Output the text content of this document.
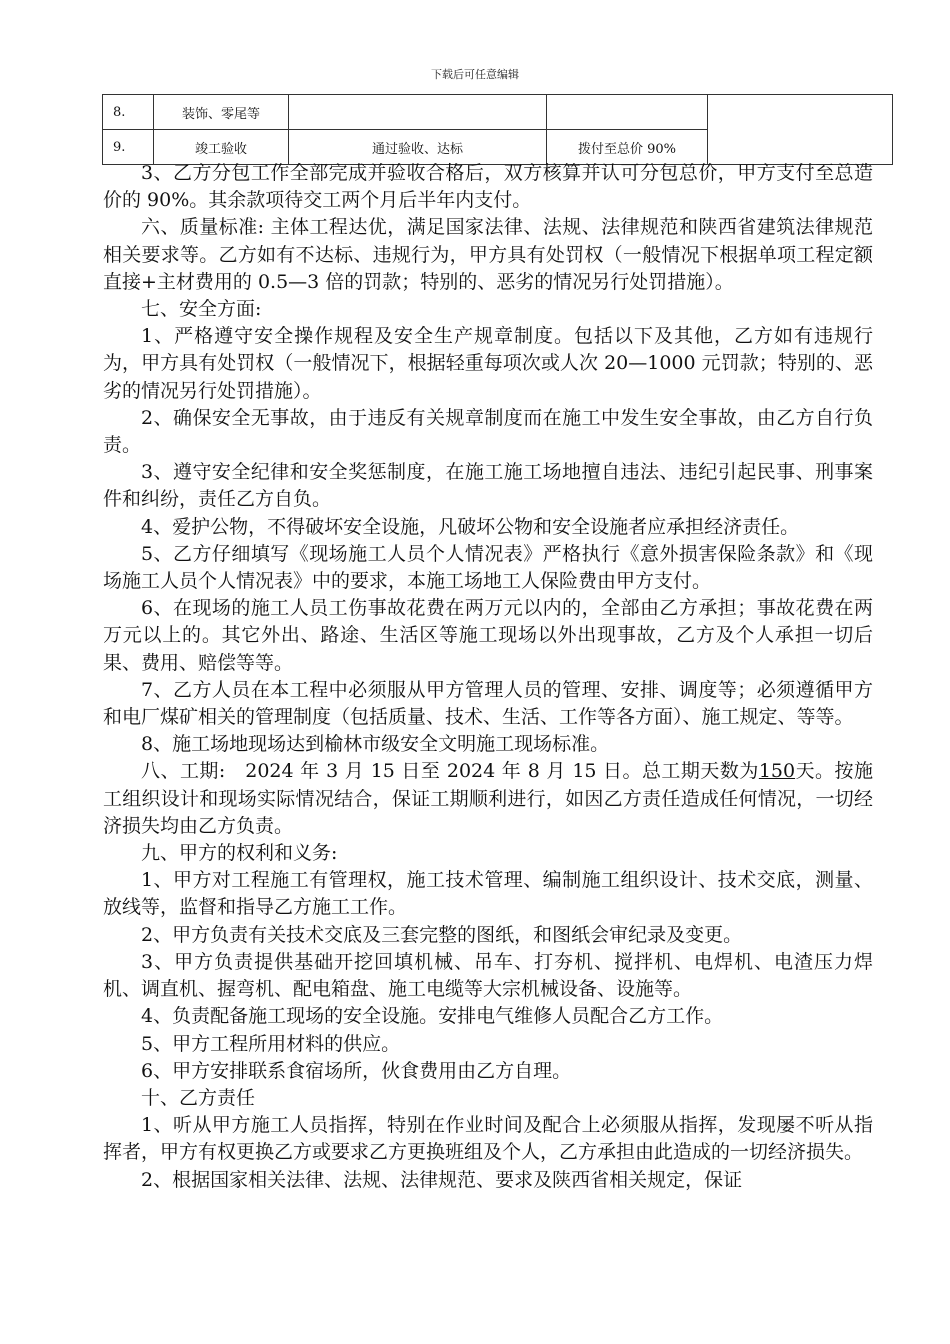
下载后可任意编辑
8.	装饰、零尾等			
9.	竣工验收	通过验收、达标	拨付至总价 90%	

3、乙方分包工作全部完成并验收合格后，双方核算并认可分包总价，甲方支付至总造价的 90%。其余款项待交工两个月后半年内支付。

六、质量标准: 主体工程达优，满足国家法律、法规、法律规范和陕西省建筑法律规范相关要求等。乙方如有不达标、违规行为，甲方具有处罚权（一般情况下根据单项工程定额直接+主材费用的 0.5—3 倍的罚款；特别的、恶劣的情况另行处罚措施）。

七、安全方面:

1、严格遵守安全操作规程及安全生产规章制度。包括以下及其他，乙方如有违规行为，甲方具有处罚权（一般情况下，根据轻重每项次或人次 20—1000 元罚款；特别的、恶劣的情况另行处罚措施）。

2、确保安全无事故，由于违反有关规章制度而在施工中发生安全事故，由乙方自行负责。

3、遵守安全纪律和安全奖惩制度，在施工施工场地擅自违法、违纪引起民事、刑事案件和纠纷，责任乙方自负。

4、爱护公物，不得破坏安全设施，凡破坏公物和安全设施者应承担经济责任。

5、乙方仔细填写《现场施工人员个人情况表》严格执行《意外损害保险条款》和《现场施工人员个人情况表》中的要求，本施工场地工人保险费由甲方支付。

6、在现场的施工人员工伤事故花费在两万元以内的，全部由乙方承担；事故花费在两万元以上的。其它外出、路途、生活区等施工现场以外出现事故，乙方及个人承担一切后果、费用、赔偿等等。

7、乙方人员在本工程中必须服从甲方管理人员的管理、安排、调度等；必须遵循甲方和电厂煤矿相关的管理制度（包括质量、技术、生活、工作等各方面）、施工规定、等等。

8、施工场地现场达到榆林市级安全文明施工现场标准。

八、工期:　2024 年 3 月 15 日至 2024 年 8 月 15 日。总工期天数为150天。按施工组织设计和现场实际情况结合，保证工期顺利进行，如因乙方责任造成任何情况，一切经济损失均由乙方负责。

九、甲方的权利和义务:

1、甲方对工程施工有管理权，施工技术管理、编制施工组织设计、技术交底，测量、放线等，监督和指导乙方施工工作。

2、甲方负责有关技术交底及三套完整的图纸，和图纸会审纪录及变更。

3、甲方负责提供基础开挖回填机械、吊车、打夯机、搅拌机、电焊机、电渣压力焊机、调直机、握弯机、配电箱盘、施工电缆等大宗机械设备、设施等。

4、负责配备施工现场的安全设施。安排电气维修人员配合乙方工作。

5、甲方工程所用材料的供应。

6、甲方安排联系食宿场所，伙食费用由乙方自理。

十、乙方责任

1、听从甲方施工人员指挥，特别在作业时间及配合上必须服从指挥，发现屡不听从指挥者，甲方有权更换乙方或要求乙方更换班组及个人，乙方承担由此造成的一切经济损失。

2、根据国家相关法律、法规、法律规范、要求及陕西省相关规定，保证
